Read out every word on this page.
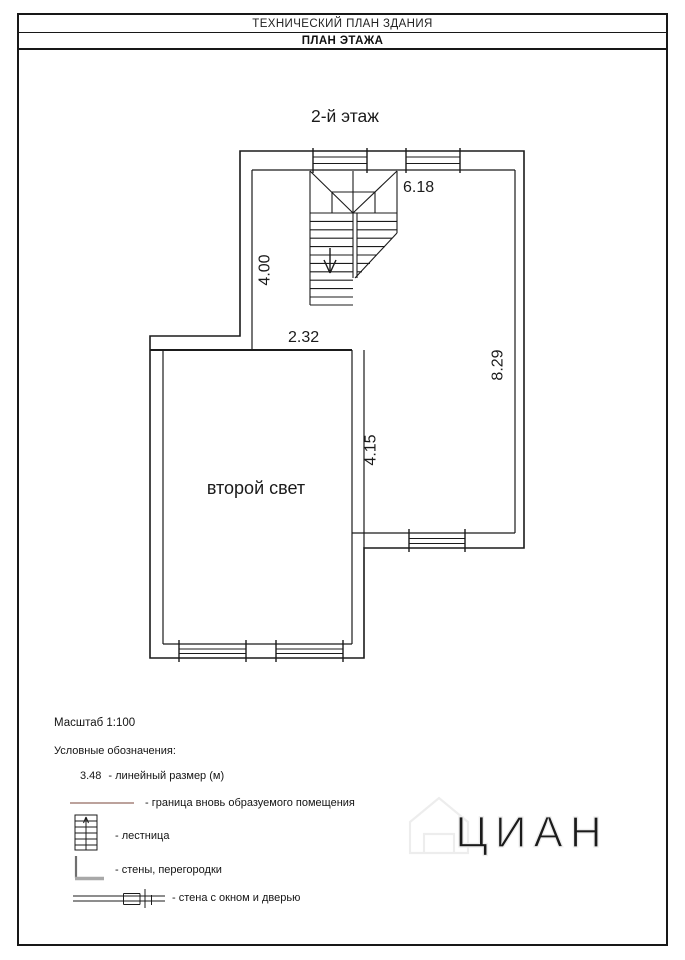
ТЕХНИЧЕСКИЙ ПЛАН ЗДАНИЯ
ПЛАН ЭТАЖА
ЦИАН
2-й этаж
второй свет
6.18
2.32
4.00
8.29
4.15
Масштаб 1:100
Условные обозначения:
3.48 - линейный размер (м)
- граница вновь образуемого помещения
- лестница
- стены, перегородки
- стена с окном и дверью
